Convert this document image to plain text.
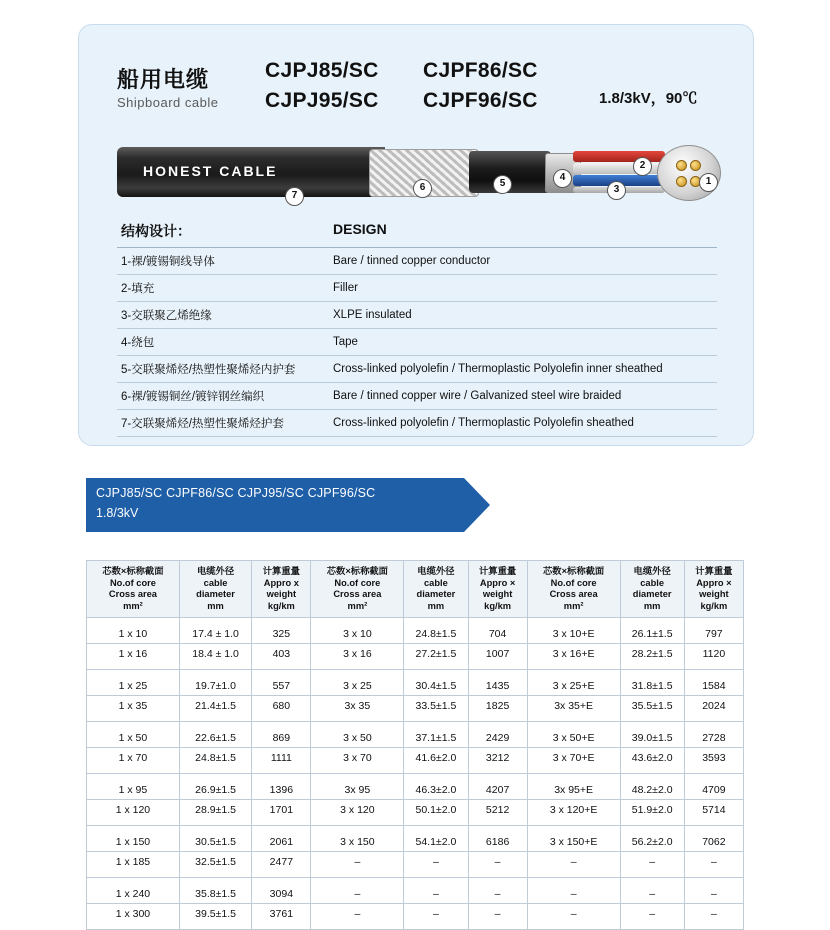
船用电缆
Shipboard cable
CJPJ85/SC	CJPF86/SC
CJPJ95/SC	CJPF96/SC	1.8/3kV，90℃
HONEST CABLE
1
2
3
4
5
6
7
结构设计：	DESIGN
1-裸/镀锡铜线导体	Bare / tinned copper conductor
2-填充	Filler
3-交联聚乙烯绝缘	XLPE insulated
4-绕包	Tape
5-交联聚烯烃/热塑性聚烯烃内护套	Cross-linked polyolefin / Thermoplastic Polyolefin inner sheathed
6-裸/镀锡铜丝/镀锌钢丝编织	Bare / tinned copper wire / Galvanized steel wire braided
7-交联聚烯烃/热塑性聚烯烃护套	Cross-linked polyolefin / Thermoplastic Polyolefin sheathed
CJPJ85/SC CJPF86/SC CJPJ95/SC CJPF96/SC
1.8/3kV
芯数×标称截面
No.of core
Cross area
mm²

电缆外径
cable
diameter
mm

计算重量
Appro x
weight
kg/km

芯数×标称截面
No.of core
Cross area
mm²

电缆外径
cable
diameter
mm

计算重量
Appro ×
weight
kg/km

芯数×标称截面
No.of core
Cross area
mm²

电缆外径
cable
diameter
mm

计算重量
Appro ×
weight
kg/km

1 x 10	17.4 ± 1.0	325	3 x 10	24.8±1.5	704	3 x 10+E	26.1±1.5	797
1 x 16	18.4 ± 1.0	403	3 x 16	27.2±1.5	1007	3 x 16+E	28.2±1.5	1120
1 x 25	19.7±1.0	557	3 x 25	30.4±1.5	1435	3 x 25+E	31.8±1.5	1584
1 x 35	21.4±1.5	680	3x 35	33.5±1.5	1825	3x 35+E	35.5±1.5	2024
1 x 50	22.6±1.5	869	3 x 50	37.1±1.5	2429	3 x 50+E	39.0±1.5	2728
1 x 70	24.8±1.5	1111	3 x 70	41.6±2.0	3212	3 x 70+E	43.6±2.0	3593
1 x 95	26.9±1.5	1396	3x 95	46.3±2.0	4207	3x 95+E	48.2±2.0	4709
1 x 120	28.9±1.5	1701	3 x 120	50.1±2.0	5212	3 x 120+E	51.9±2.0	5714
1 x 150	30.5±1.5	2061	3 x 150	54.1±2.0	6186	3 x 150+E	56.2±2.0	7062
1 x 185	32.5±1.5	2477	–	–	–	–	–	–
1 x 240	35.8±1.5	3094	–	–	–	–	–	–
1 x 300	39.5±1.5	3761	–	–	–	–	–	–
